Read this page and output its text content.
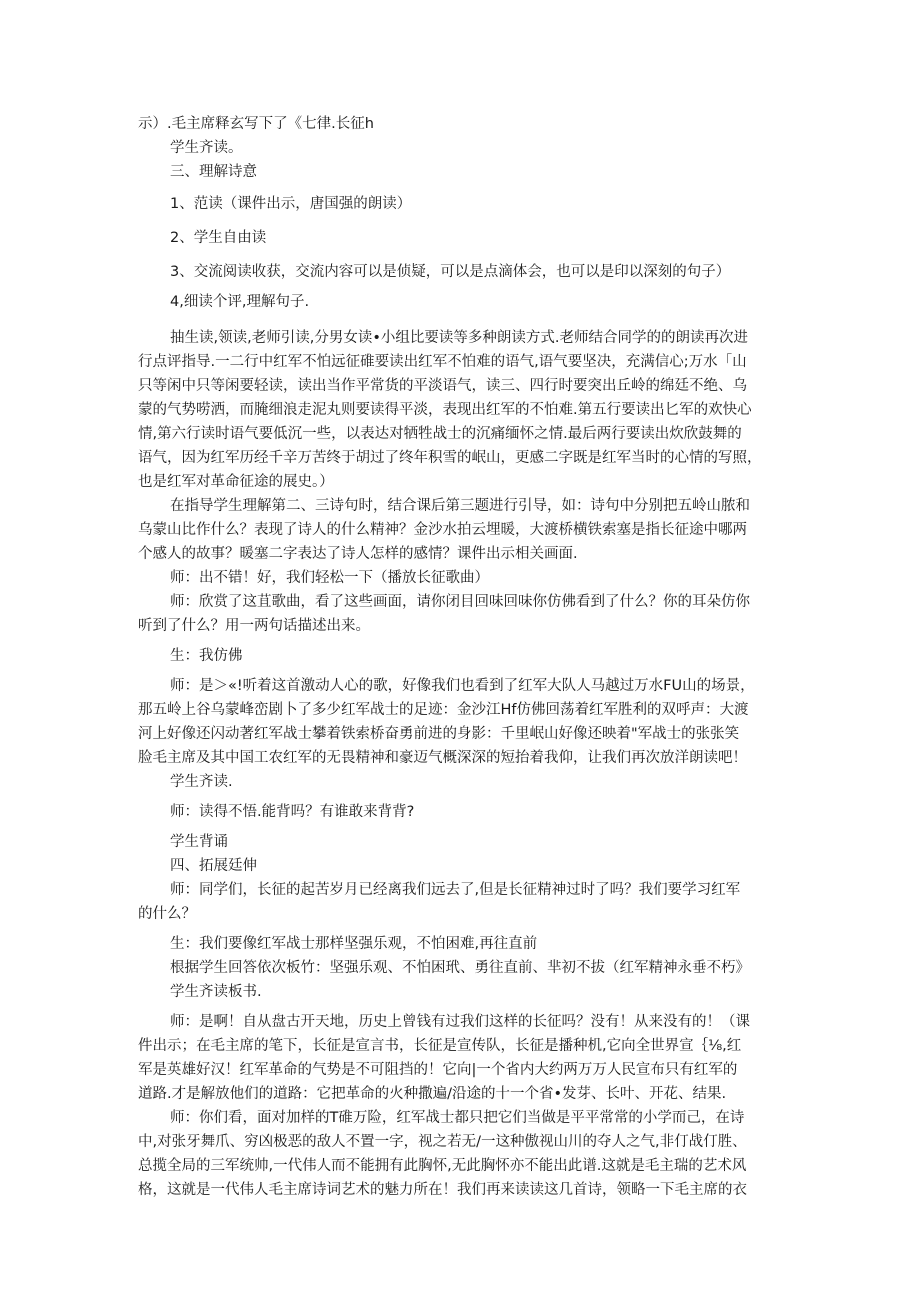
示）.毛主席释玄写下了《七律.长征h

学生齐读。

三、理解诗意

1、范读（课件出示，唐国强的朗读）

2、学生自由读

3、交流阅读收获，交流内容可以是侦疑，可以是点滴体会，也可以是印以深刻的句子）

4,细读个评,理解句子.

抽生读,领读,老师引读,分男女读•小组比要读等多种朗读方式.老师结合同学的的朗读再次进
行点评指导.一二行中红军不怕远征碓要读出红军不怕难的语气,语气要坚决，充满信心;万水「山
只等闲中只等闲要轻读，读出当作平常货的平淡语气，读三、四行时要突出丘岭的绵廷不绝、乌
蒙的气势唠洒，而腌细浪走泥丸则要读得平淡，表现出红军的不怕难.第五行要读出匕军的欢快心
情,第六行读时语气要低沉一些，以表达对牺牲战士的沉痛缅怀之情.最后两行要读出炊欣鼓舞的
语气，因为红军历经千辛万苦终于胡过了终年积雪的岷山，更感二字既是红军当时的心情的写照，
也是红军对革命征途的展史。）
在指导学生理解第二、三诗句时，结合课后第三题进行引导，如：诗句中分别把五岭山脓和
乌蒙山比作什么？表现了诗人的什么精神？金沙水拍云埋暖，大渡桥横铁索塞是指长征途中哪两
个感人的故事？暖塞二字表达了诗人怎样的感情？课件出示相关画面.

师：出不错！好，我们轻松一下（播放长征歌曲）

师：欣赏了这苴歌曲，看了这些画面，请你闭目回味回味你仿佛看到了什么？你的耳朵仿你
听到了什么？用一两句话描述出来。

生：我仿佛

师：是＞«!听着这首激动人心的歌，好像我们也看到了红军大队人马越过万水FU山的场景，
那五岭上谷乌蒙峰峦剧卜了多少红军战士的足迹：金沙江Hf仿佛回荡着红军胜利的双呼声：大渡
河上好像还闪动著红军战士攀着铁索桥奋勇前进的身影：千里岷山好像还映着"军战士的张张笑
脸毛主席及其中国工农红军的无畏精神和豪迈气概深深的短抬着我仰，让我们再次放洋朗读吧！

学生齐读.

师：读得不悟.能背吗？有谁敢来背背?

学生背诵

四、拓展廷伸

师：同学们，长征的起苦岁月已经离我们远去了,但是长征精神过时了吗？我们要学习红军
的什么？

生：我们要像红军战士那样坚强乐观，不怕困难,再往直前

根据学生回答依次板竹：坚强乐观、不怕困玳、勇往直前、芈初不拔（红军精神永垂不朽》

学生齐读板书.

师：是啊！自从盘古开天地，历史上曾钱有过我们这样的长征吗？没有！从来没有的！（课
件出示；在毛主席的笔下，长征是宣言书，长征是宣传队，长征是播种机,它向全世界宣｛⅛,红
军是英雄好汉！红军革命的气势是不可阻挡的！它向|一个省内大约两万万人民宣布只有红军的
道路.才是解放他们的道路：它把革命的火种撒遍/沿途的十一个省•发芽、长叶、开花、结果.
师：你们看，面对加样的T碓万险，红军战士都只把它们当做是平平常常的小学而己，在诗
中,对张牙舞爪、穷凶极恶的敌人不置一字，视之若无/一这种傲视山川的夺人之气,非仃战仃胜、
总揽全局的三军统帅,一代伟人而不能拥有此胸怀,无此胸怀亦不能出此谱.这就是毛主瑞的艺术风
格，这就是一代伟人毛主席诗词艺术的魅力所在！我们再来读读这几首诗，领略一下毛主席的衣
